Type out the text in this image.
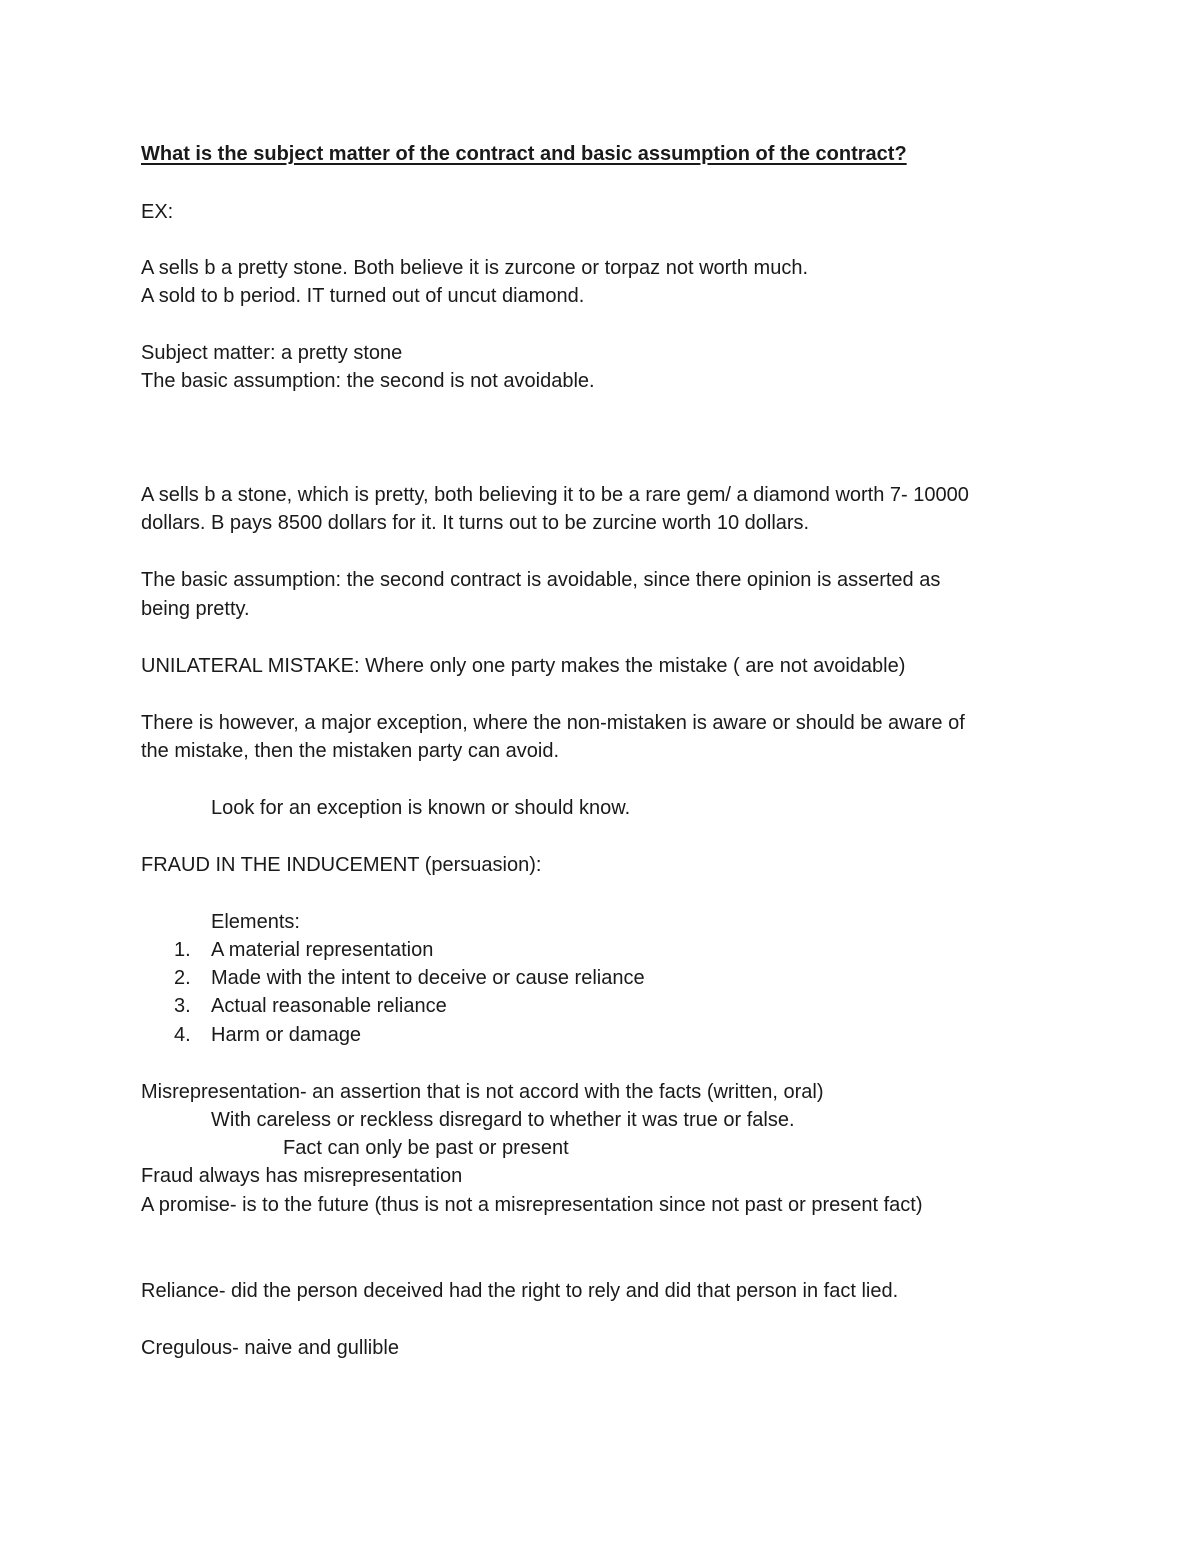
What is the subject matter of the contract and basic assumption of the contract?
EX:
A sells b a pretty stone. Both believe it is zurcone or torpaz not worth much.
A sold to b period. IT turned out of uncut diamond.
Subject matter: a pretty stone
The basic assumption: the second is not avoidable.
A sells b a stone, which is pretty, both believing it to be a rare gem/ a diamond worth 7- 10000
dollars. B pays 8500 dollars for it. It turns out to be zurcine worth 10 dollars.
The basic assumption: the second contract is avoidable, since there opinion is asserted as
being pretty.
UNILATERAL MISTAKE: Where only one party makes the mistake ( are not avoidable)
There is however, a major exception, where the non-mistaken is aware or should be aware of
the mistake, then the mistaken party can avoid.
Look for an exception is known or should know.
FRAUD IN THE INDUCEMENT (persuasion):
Elements:
1. A material representation
2. Made with the intent to deceive or cause reliance
3. Actual reasonable reliance
4. Harm or damage
Misrepresentation- an assertion that is not accord with the facts (written, oral)
With careless or reckless disregard to whether it was true or false.
Fact can only be past or present
Fraud always has misrepresentation
A promise- is to the future (thus is not a misrepresentation since not past or present fact)
Reliance- did the person deceived had the right to rely and did that person in fact lied.
Cregulous- naive and gullible
